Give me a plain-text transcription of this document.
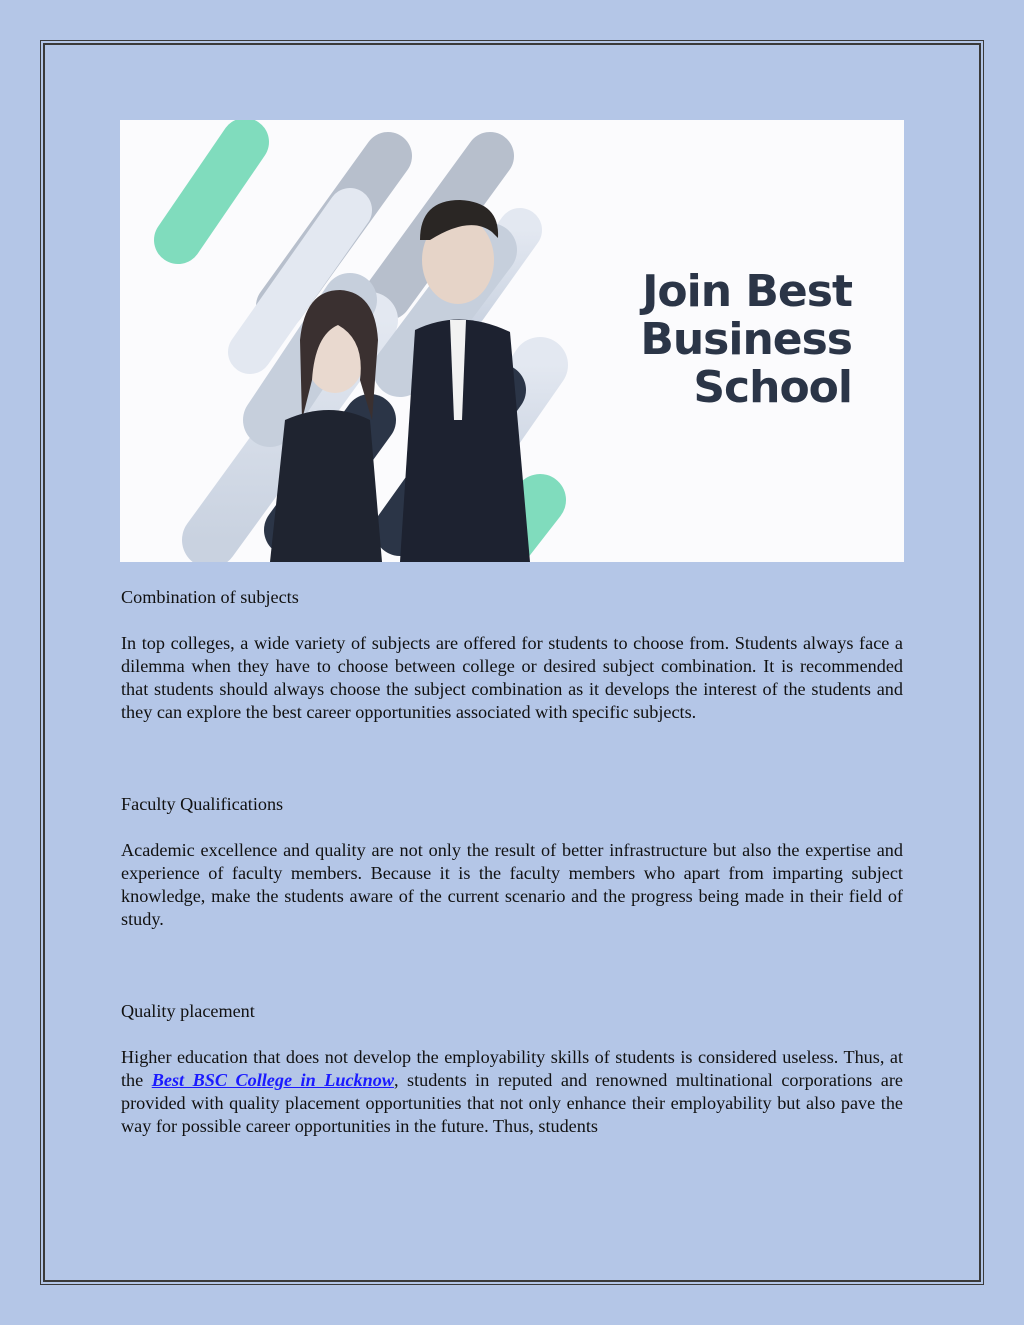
Join Best
Business
School

Combination of subjects

In top colleges, a wide variety of subjects are offered for students to choose from. Students always face a dilemma when they have to choose between college or desired subject combination. It is recommended that students should always choose the subject combination as it develops the interest of the students and they can explore the best career opportunities associated with specific subjects.

Faculty Qualifications

Academic excellence and quality are not only the result of better infrastructure but also the expertise and experience of faculty members. Because it is the faculty members who apart from imparting subject knowledge, make the students aware of the current scenario and the progress being made in their field of study.

Quality placement

Higher education that does not develop the employability skills of students is considered useless. Thus, at the Best BSC College in Lucknow, students in reputed and renowned multinational corporations are provided with quality placement opportunities that not only enhance their employability but also pave the way for possible career opportunities in the future. Thus, students
